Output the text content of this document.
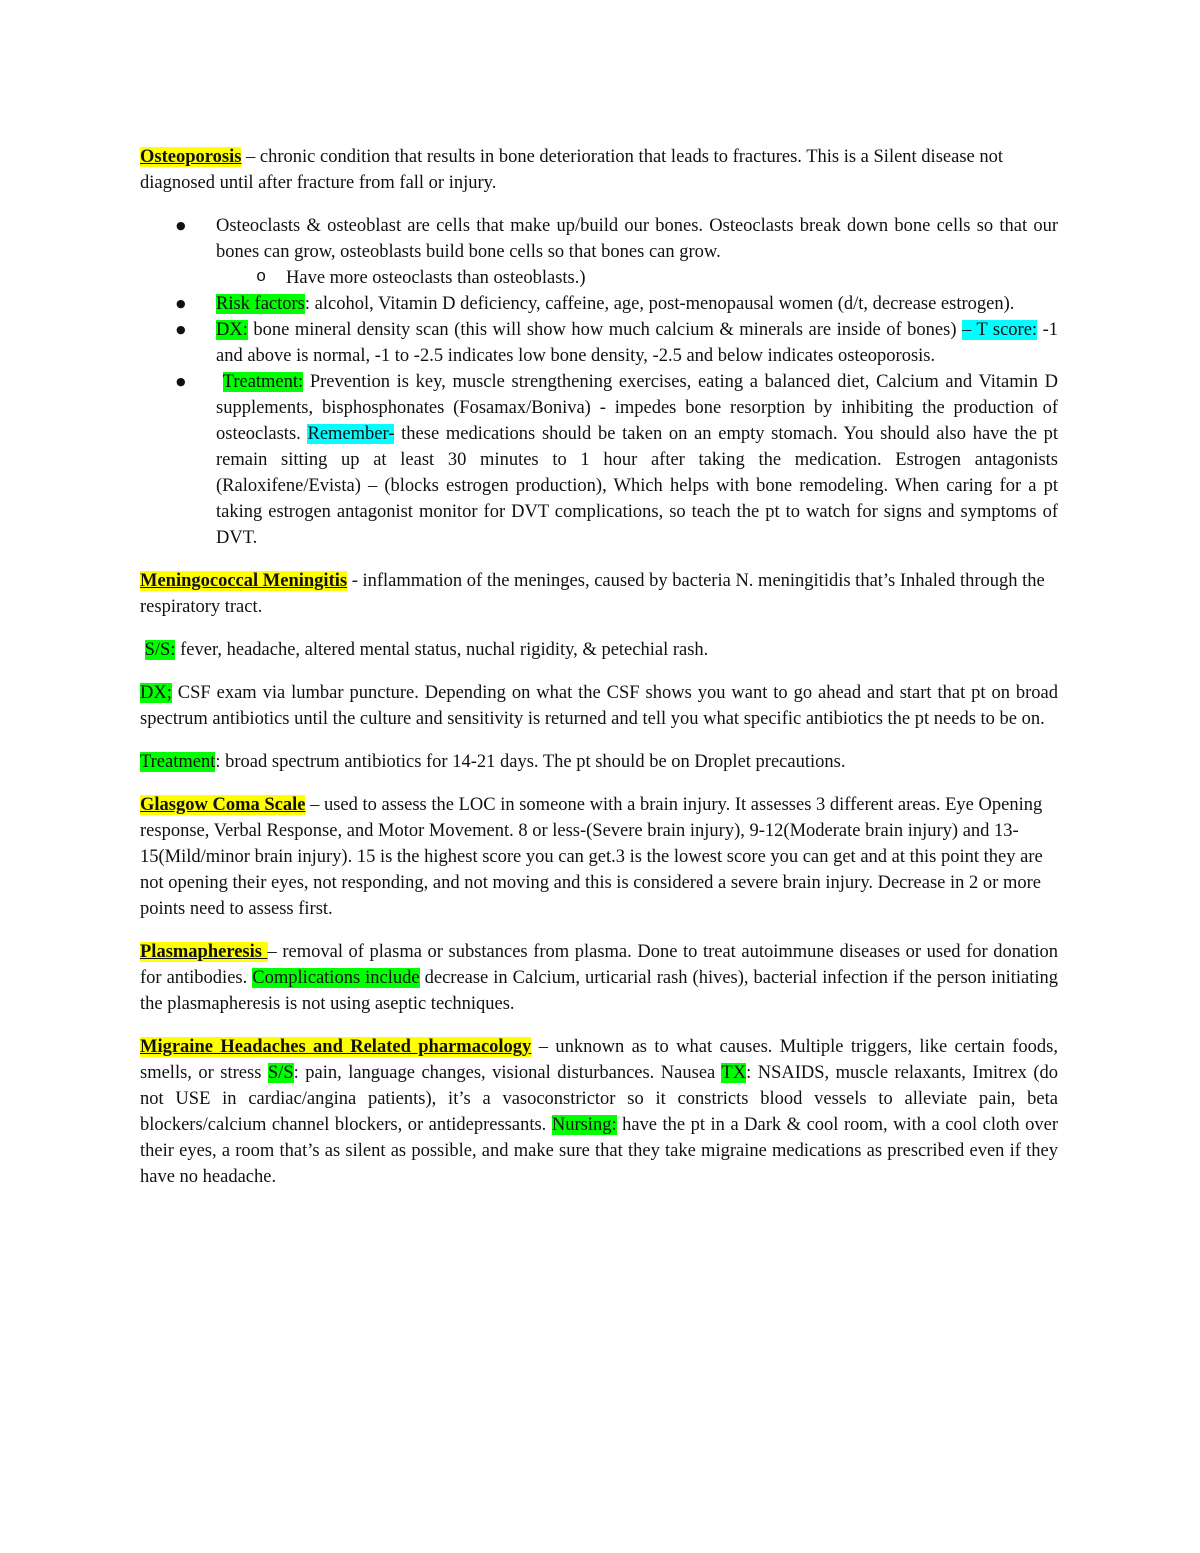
Osteoporosis – chronic condition that results in bone deterioration that leads to fractures. This is a Silent disease not diagnosed until after fracture from fall or injury.

● Osteoclasts & osteoblast are cells that make up/build our bones. Osteoclasts break down bone cells so that our bones can grow, osteoblasts build bone cells so that bones can grow.
o Have more osteoclasts than osteoblasts.)
● Risk factors: alcohol, Vitamin D deficiency, caffeine, age, post-menopausal women (d/t, decrease estrogen).
● DX: bone mineral density scan (this will show how much calcium & minerals are inside of bones) – T score: -1 and above is normal, -1 to -2.5 indicates low bone density, -2.5 and below indicates osteoporosis.
● Treatment: Prevention is key, muscle strengthening exercises, eating a balanced diet, Calcium and Vitamin D supplements, bisphosphonates (Fosamax/Boniva) - impedes bone resorption by inhibiting the production of osteoclasts. Remember- these medications should be taken on an empty stomach. You should also have the pt remain sitting up at least 30 minutes to 1 hour after taking the medication. Estrogen antagonists (Raloxifene/Evista) – (blocks estrogen production), Which helps with bone remodeling. When caring for a pt taking estrogen antagonist monitor for DVT complications, so teach the pt to watch for signs and symptoms of DVT.

Meningococcal Meningitis - inflammation of the meninges, caused by bacteria N. meningitidis that’s Inhaled through the respiratory tract.

S/S: fever, headache, altered mental status, nuchal rigidity, & petechial rash.

DX; CSF exam via lumbar puncture. Depending on what the CSF shows you want to go ahead and start that pt on broad spectrum antibiotics until the culture and sensitivity is returned and tell you what specific antibiotics the pt needs to be on.

Treatment: broad spectrum antibiotics for 14-21 days. The pt should be on Droplet precautions.

Glasgow Coma Scale – used to assess the LOC in someone with a brain injury. It assesses 3 different areas. Eye Opening response, Verbal Response, and Motor Movement. 8 or less-(Severe brain injury), 9-12(Moderate brain injury) and 13-15(Mild/minor brain injury). 15 is the highest score you can get.3 is the lowest score you can get and at this point they are not opening their eyes, not responding, and not moving and this is considered a severe brain injury. Decrease in 2 or more points need to assess first.

Plasmapheresis – removal of plasma or substances from plasma. Done to treat autoimmune diseases or used for donation for antibodies. Complications include decrease in Calcium, urticarial rash (hives), bacterial infection if the person initiating the plasmapheresis is not using aseptic techniques.

Migraine Headaches and Related pharmacology – unknown as to what causes. Multiple triggers, like certain foods, smells, or stress S/S: pain, language changes, visional disturbances. Nausea TX: NSAIDS, muscle relaxants, Imitrex (do not USE in cardiac/angina patients), it’s a vasoconstrictor so it constricts blood vessels to alleviate pain, beta blockers/calcium channel blockers, or antidepressants. Nursing: have the pt in a Dark & cool room, with a cool cloth over their eyes, a room that’s as silent as possible, and make sure that they take migraine medications as prescribed even if they have no headache.
